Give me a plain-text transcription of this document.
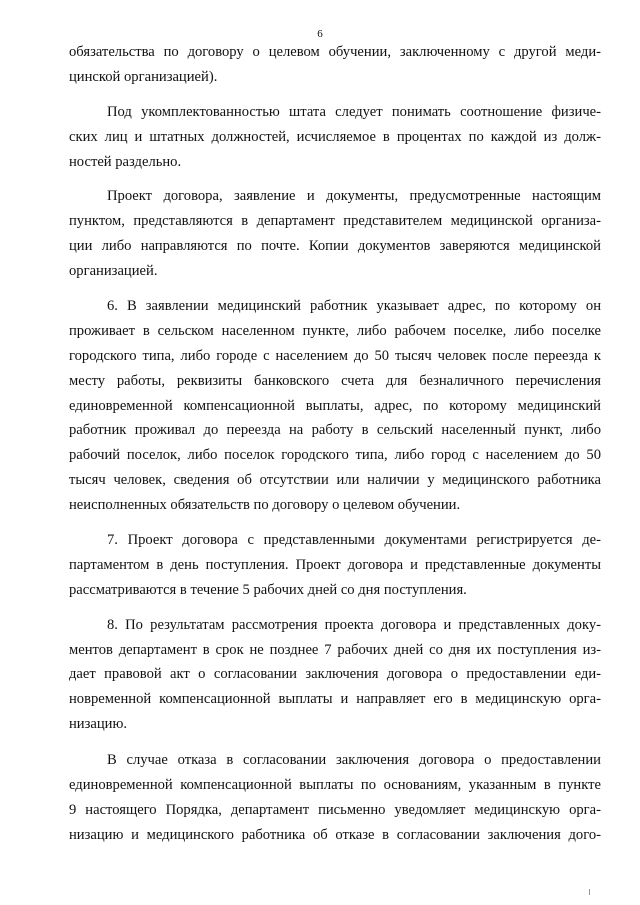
6

обязательства по договору о целевом обучении, заключенному с другой меди-
цинской организацией).

Под укомплектованностью штата следует понимать соотношение физиче-
ских лиц и штатных должностей, исчисляемое в процентах по каждой из долж-
ностей раздельно.

Проект договора, заявление и документы, предусмотренные настоящим
пунктом, представляются в департамент представителем медицинской организа-
ции либо направляются по почте. Копии документов заверяются медицинской
организацией.

6. В заявлении медицинский работник указывает адрес, по которому он
проживает в сельском населенном пункте, либо рабочем поселке, либо поселке
городского типа, либо городе с населением до 50 тысяч человек после переезда к
месту работы, реквизиты банковского счета для безналичного перечисления
единовременной компенсационной выплаты, адрес, по которому медицинский
работник проживал до переезда на работу в сельский населенный пункт, либо
рабочий поселок, либо поселок городского типа, либо город с населением до 50
тысяч человек, сведения об отсутствии или наличии у медицинского работника
неисполненных обязательств по договору о целевом обучении.

7. Проект договора с представленными документами регистрируется де-
партаментом в день поступления. Проект договора и представленные документы
рассматриваются в течение 5 рабочих дней со дня поступления.

8. По результатам рассмотрения проекта договора и представленных доку-
ментов департамент в срок не позднее 7 рабочих дней со дня их поступления из-
дает правовой акт о согласовании заключения договора о предоставлении еди-
новременной компенсационной выплаты и направляет его в медицинскую орга-
низацию.

В случае отказа в согласовании заключения договора о предоставлении
единовременной компенсационной выплаты по основаниям, указанным в пункте
9 настоящего Порядка, департамент письменно уведомляет медицинскую орга-
низацию и медицинского работника об отказе в согласовании заключения дого-
